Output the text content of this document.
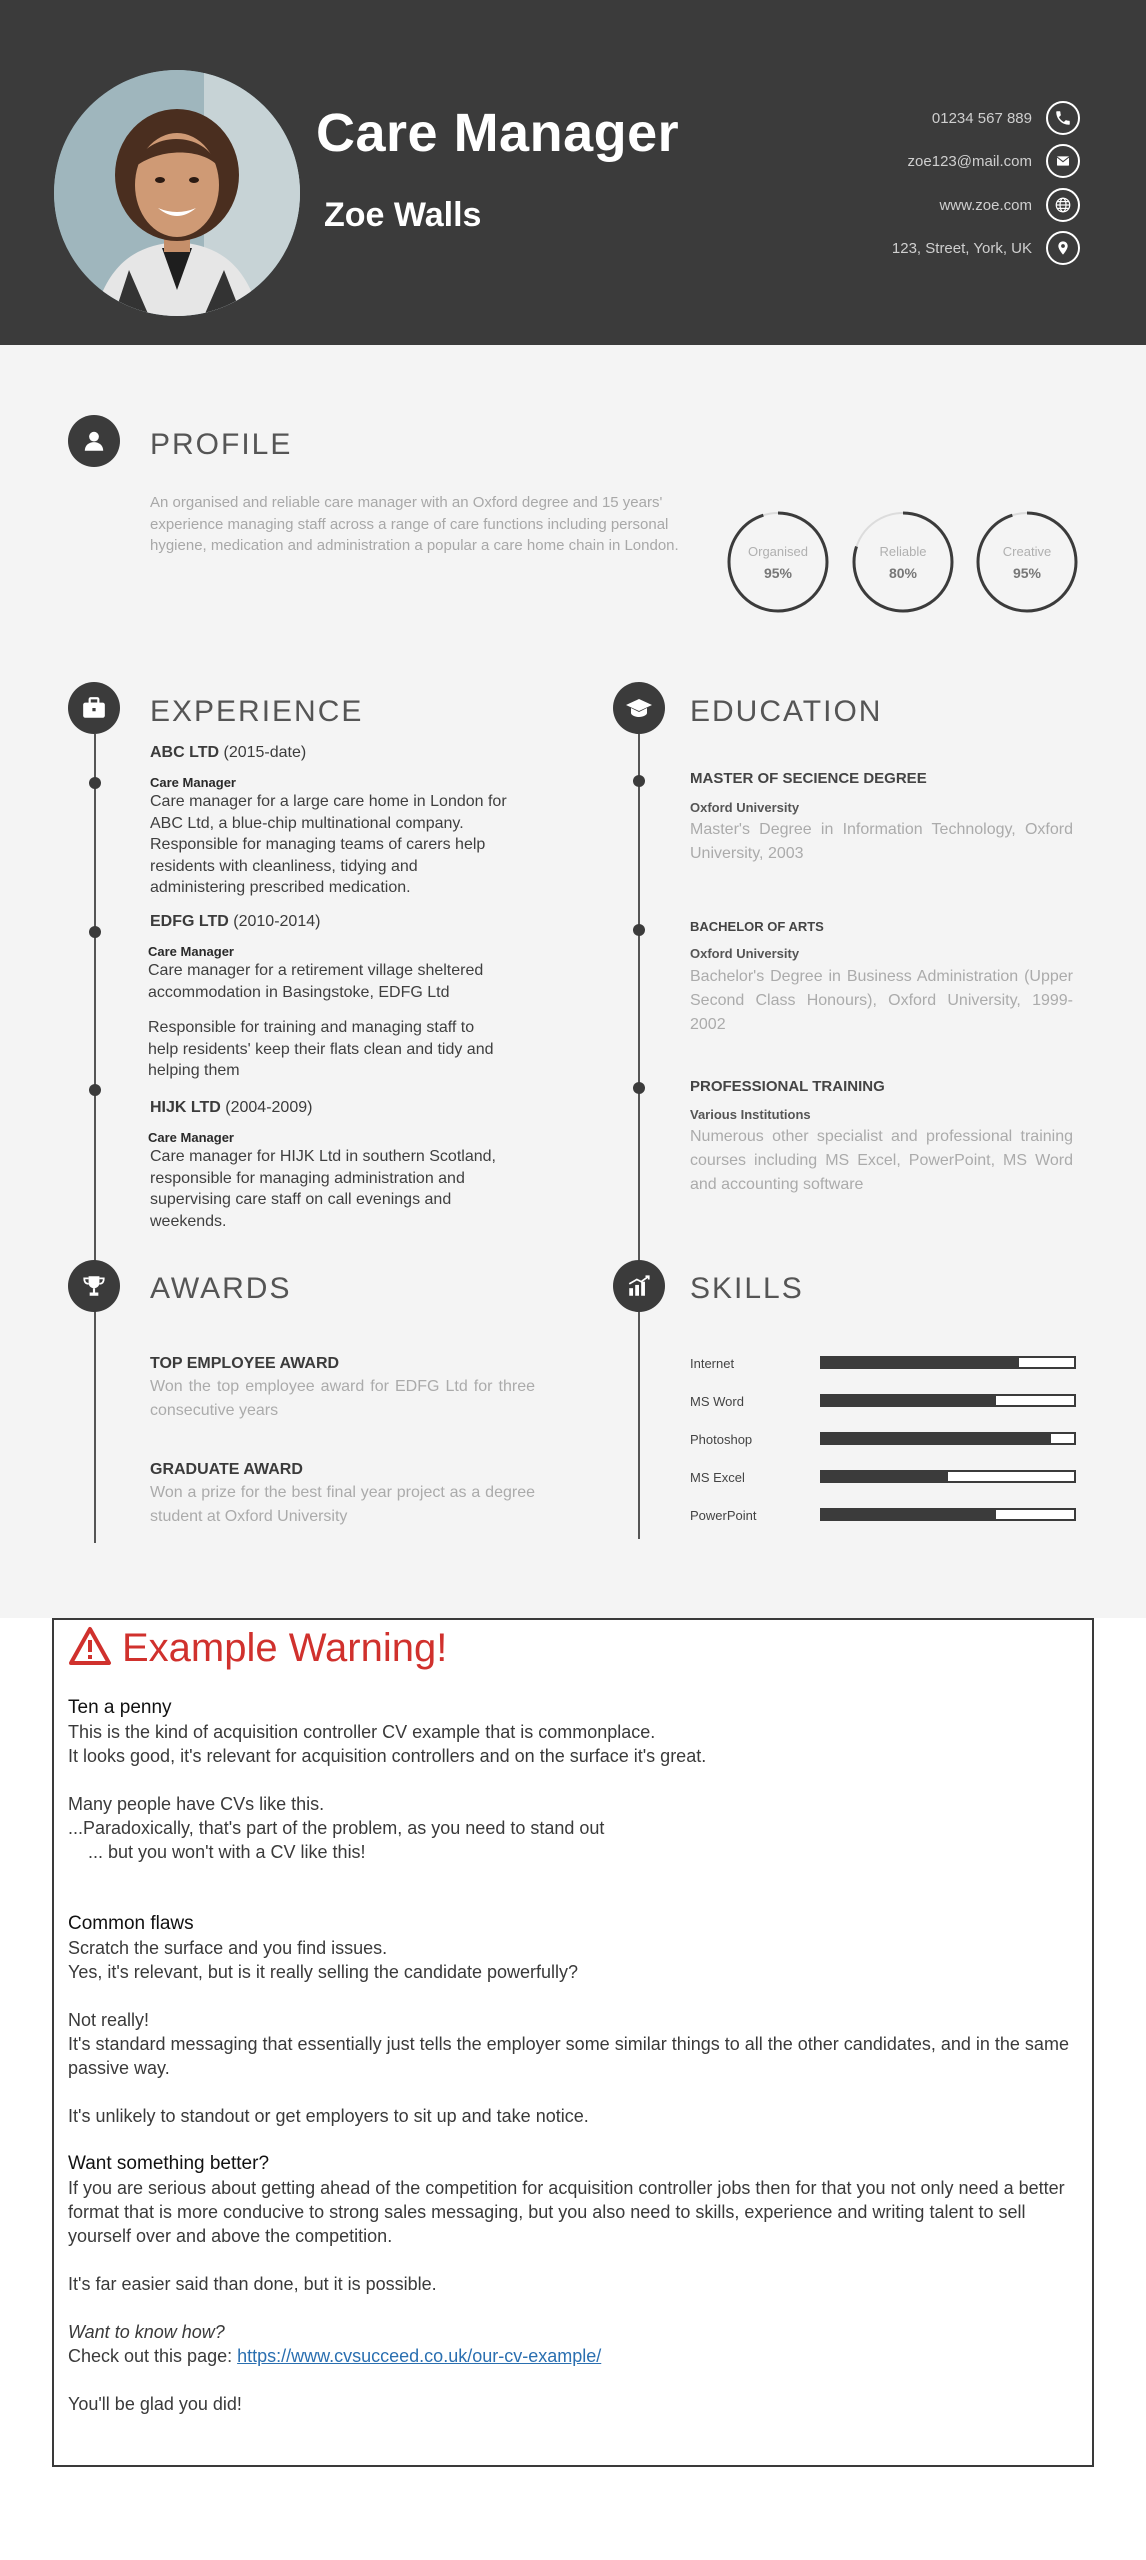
Care Manager
Zoe Walls
01234 567 889
zoe123@mail.com
www.zoe.com
123, Street, York, UK
PROFILE
An organised and reliable care manager with an Oxford degree and 15 years' experience managing staff across a range of care functions including personal hygiene, medication and administration a popular a care home chain in London.	Organised
95%
Reliable
80%
Creative
95%
EXPERIENCE
ABC LTD (2015-date)
Care Manager
Care manager for a large care home in London for
ABC Ltd, a blue-chip multinational company.
Responsible for managing teams of carers help
residents with cleanliness, tidying and
administering prescribed medication.
EDFG LTD (2010-2014)
Care Manager
Care manager for a retirement village sheltered
accommodation in Basingstoke, EDFG Ltd
Responsible for training and managing staff to
help residents' keep their flats clean and tidy and
helping them
HIJK LTD (2004-2009)
Care Manager
Care manager for HIJK Ltd in southern Scotland,
responsible for managing administration and
supervising care staff on call evenings and
weekends.
EDUCATION
MASTER OF SECIENCE DEGREE
Oxford University
Master's Degree in Information Technology, Oxford University, 2003
BACHELOR OF ARTS
Oxford University
Bachelor's Degree in Business Administration (Upper Second Class Honours), Oxford University, 1999-2002
PROFESSIONAL TRAINING
Various Institutions
Numerous other specialist and professional training courses including MS Excel, PowerPoint, MS Word and accounting software
AWARDS
TOP EMPLOYEE AWARD
Won the top employee award for EDFG Ltd for three consecutive years
GRADUATE AWARD
Won a prize for the best final year project as a degree student at Oxford University
SKILLS
Internet
MS Word
Photoshop
MS Excel
PowerPoint
Example Warning!
Ten a penny
This is the kind of acquisition controller CV example that is commonplace.
It looks good, it's relevant for acquisition controllers and on the surface it's great.
Many people have CVs like this.
...Paradoxically, that's part of the problem, as you need to stand out
... but you won't with a CV like this!
Common flaws
Scratch the surface and you find issues.
Yes, it's relevant, but is it really selling the candidate powerfully?
Not really!
It's standard messaging that essentially just tells the employer some similar things to all the other candidates, and in the same passive way.
It's unlikely to standout or get employers to sit up and take notice.
Want something better?
If you are serious about getting ahead of the competition for acquisition controller jobs then for that you not only need a better format that is more conducive to strong sales messaging, but you also need to skills, experience and writing talent to sell yourself over and above the competition.
It's far easier said than done, but it is possible.
Want to know how?
Check out this page: https://www.cvsucceed.co.uk/our-cv-example/
You'll be glad you did!
